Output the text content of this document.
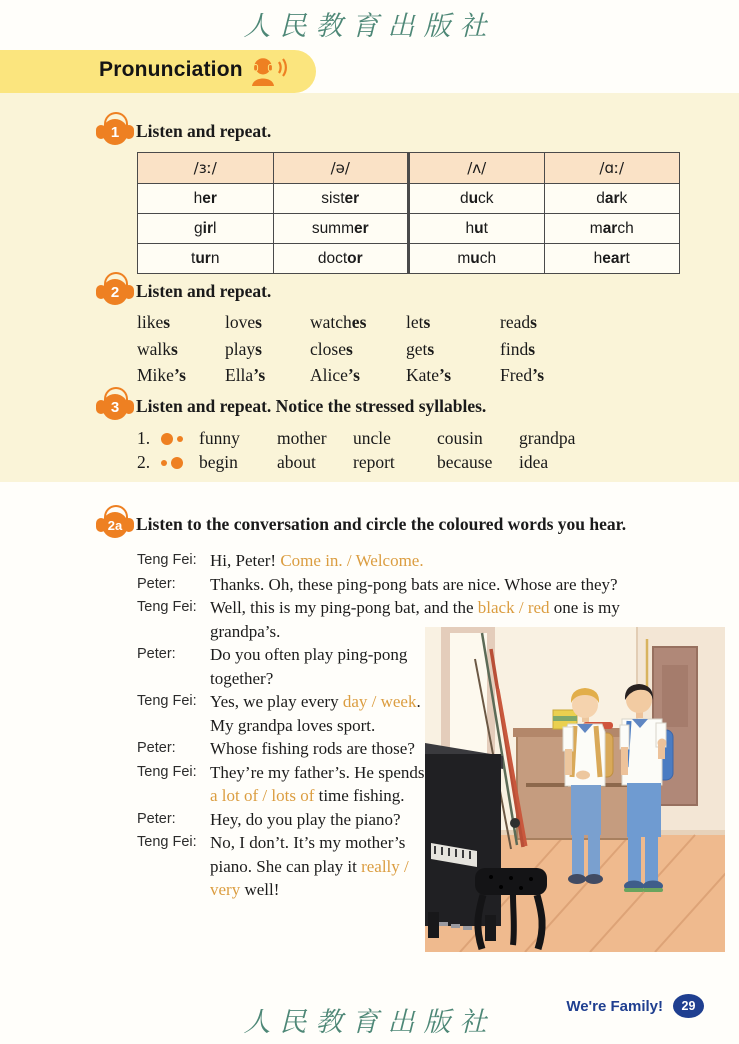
人民教育出版社
Pronunciation
1 Listen and repeat.
/ɜː/	/ə/	/ʌ/	/ɑː/
her	sister	duck	dark
girl	summer	hut	march
turn	doctor	much	heart
2 Listen and repeat.
likes	loves	watches	lets	reads
walks	plays	closes	gets	finds
Mike’s	Ella’s	Alice’s	Kate’s	Fred’s
3 Listen and repeat. Notice the stressed syllables.
1.	funny	mother	uncle	cousin	grandpa
2.	begin	about	report	because	idea
2a Listen to the conversation and circle the coloured words you hear.
Teng Fei: Hi, Peter! Come in. / Welcome.
Peter:	Thanks. Oh, these ping-pong bats are nice. Whose are they?
Teng Fei: Well, this is my ping-pong bat, and the black / red one is my grandpa’s.
Peter:	Do you often play ping-pong together?
Teng Fei: Yes, we play every day / week. My grandpa loves sport.
Peter:	Whose fishing rods are those?
Teng Fei: They’re my father’s. He spends a lot of / lots of time fishing.
Peter:	Hey, do you play the piano?
Teng Fei: No, I don’t. It’s my mother’s piano. She can play it really / very well!
We're Family!	29
人民教育出版社
